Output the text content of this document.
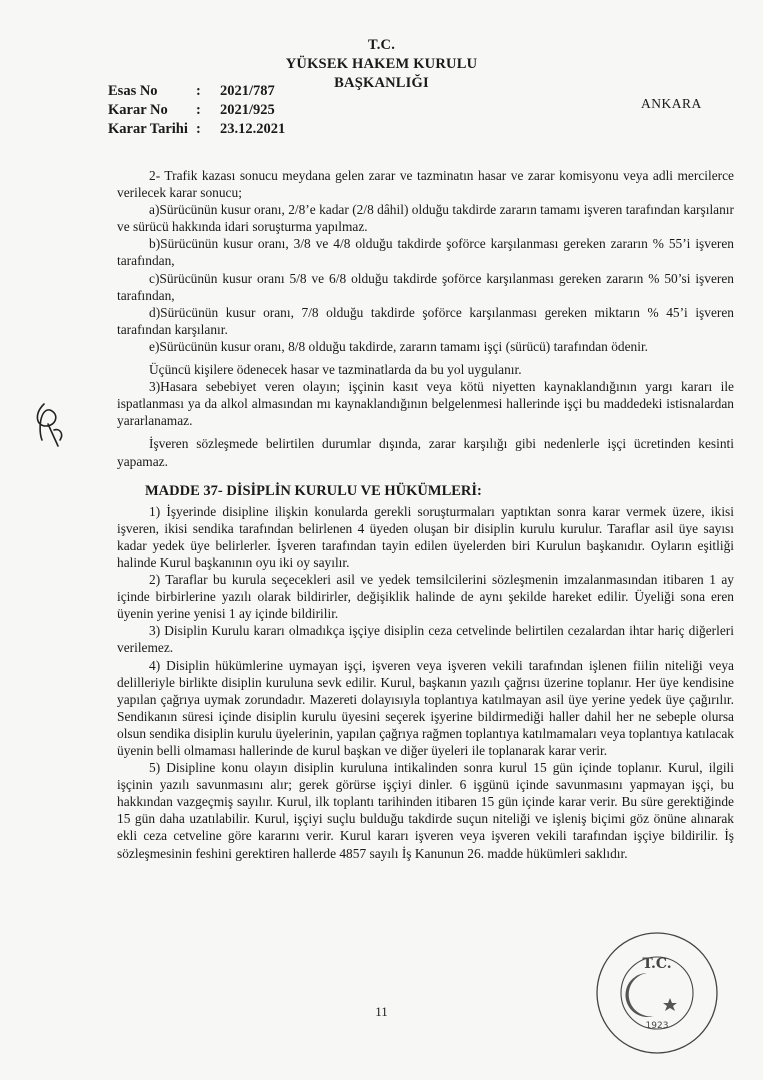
T.C.
YÜKSEK HAKEM KURULU
BAŞKANLIĞI
Esas No	:	2021/787
Karar No	:	2021/925
Karar Tarihi :	23.12.2021
ANKARA

2- Trafik kazası sonucu meydana gelen zarar ve tazminatın hasar ve zarar komisyonu veya adli mercilerce verilecek karar sonucu;

a)Sürücünün kusur oranı, 2/8’e kadar (2/8 dâhil) olduğu takdirde zararın tamamı işveren tarafından karşılanır ve sürücü hakkında idari soruşturma yapılmaz.

b)Sürücünün kusur oranı, 3/8 ve 4/8 olduğu takdirde şoförce karşılanması gereken zararın % 55’i işveren tarafından,

c)Sürücünün kusur oranı 5/8 ve 6/8 olduğu takdirde şoförce karşılanması gereken zararın % 50’si işveren tarafından,

d)Sürücünün kusur oranı, 7/8 olduğu takdirde şoförce karşılanması gereken miktarın % 45’i işveren tarafından karşılanır.

e)Sürücünün kusur oranı, 8/8 olduğu takdirde, zararın tamamı işçi (sürücü) tarafından ödenir.

Üçüncü kişilere ödenecek hasar ve tazminatlarda da bu yol uygulanır.

3)Hasara sebebiyet veren olayın; işçinin kasıt veya kötü niyetten kaynaklandığının yargı kararı ile ispatlanması ya da alkol almasından mı kaynaklandığının belgelenmesi hallerinde işçi bu maddedeki istisnalardan yararlanamaz.

İşveren sözleşmede belirtilen durumlar dışında, zarar karşılığı gibi nedenlerle işçi ücretinden kesinti yapamaz.

MADDE 37- DİSİPLİN KURULU VE HÜKÜMLERİ:

1) İşyerinde disipline ilişkin konularda gerekli soruşturmaları yaptıktan sonra karar vermek üzere, ikisi işveren, ikisi sendika tarafından belirlenen 4 üyeden oluşan bir disiplin kurulu kurulur. Taraflar asil üye sayısı kadar yedek üye belirlerler. İşveren tarafından tayin edilen üyelerden biri Kurulun başkanıdır. Oyların eşitliği halinde Kurul başkanının oyu iki oy sayılır.

2) Taraflar bu kurula seçecekleri asil ve yedek temsilcilerini sözleşmenin imzalanmasından itibaren 1 ay içinde birbirlerine yazılı olarak bildirirler, değişiklik halinde de aynı şekilde hareket edilir. Üyeliği sona eren üyenin yerine yenisi 1 ay içinde bildirilir.

3) Disiplin Kurulu kararı olmadıkça işçiye disiplin ceza cetvelinde belirtilen cezalardan ihtar hariç diğerleri verilemez.

4) Disiplin hükümlerine uymayan işçi, işveren veya işveren vekili tarafından işlenen fiilin niteliği veya delilleriyle birlikte disiplin kuruluna sevk edilir. Kurul, başkanın yazılı çağrısı üzerine toplanır. Her üye kendisine yapılan çağrıya uymak zorundadır. Mazereti dolayısıyla toplantıya katılmayan asil üye yerine yedek üye çağırılır. Sendikanın süresi içinde disiplin kurulu üyesini seçerek işyerine bildirmediği haller dahil her ne sebeple olursa olsun sendika disiplin kurulu üyelerinin, yapılan çağrıya rağmen toplantıya katılmamaları veya toplantıya katılacak üyenin belli olmaması hallerinde de kurul başkan ve diğer üyeleri ile toplanarak karar verir.

5) Disipline konu olayın disiplin kuruluna intikalinden sonra kurul 15 gün içinde toplanır. Kurul, ilgili işçinin yazılı savunmasını alır; gerek görürse işçiyi dinler. 6 işgünü içinde savunmasını yapmayan işçi, bu hakkından vazgeçmiş sayılır. Kurul, ilk toplantı tarihinden itibaren 15 gün içinde karar verir. Bu süre gerektiğinde 15 gün daha uzatılabilir. Kurul, işçiyi suçlu bulduğu takdirde suçun niteliği ve işleniş biçimi göz önüne alınarak ekli ceza cetveline göre kararını verir. Kurul kararı işveren veya işveren vekili tarafından işçiye bildirilir. İş sözleşmesinin feshini gerektiren hallerde 4857 sayılı İş Kanunun 26. madde hükümleri saklıdır.

T.C.
1923
11
